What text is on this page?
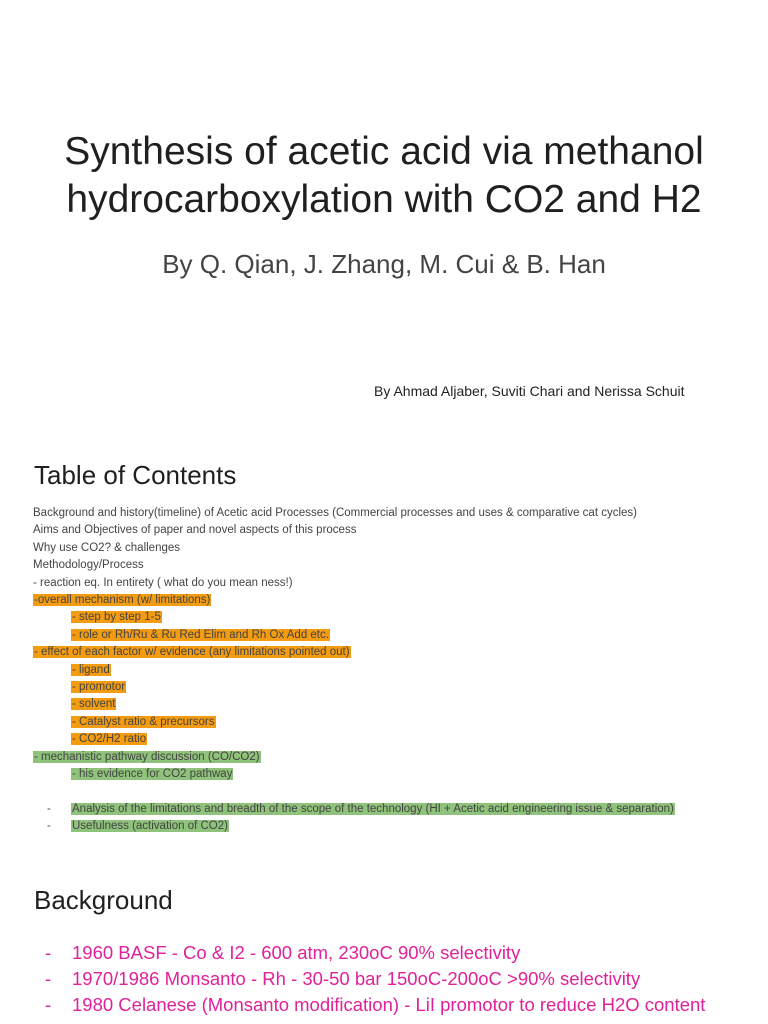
Synthesis of acetic acid via methanol
hydrocarboxylation with CO2 and H2
By Q. Qian, J. Zhang, M. Cui & B. Han
By Ahmad Aljaber, Suviti Chari and Nerissa Schuit
Table of Contents
Background and history(timeline) of Acetic acid Processes (Commercial processes and uses & comparative cat cycles)
Aims and Objectives of paper and novel aspects of this process
Why use CO2? & challenges
Methodology/Process
- reaction eq. In entirety ( what do you mean ness!)
-overall mechanism (w/ limitations)
- step by step 1-5
- role or Rh/Ru & Ru Red Elim and Rh Ox Add etc.
- effect of each factor w/ evidence (any limitations pointed out)
- ligand
- promotor
- solvent
- Catalyst ratio & precursors
- CO2/H2 ratio
- mechanistic pathway discussion (CO/CO2)
- his evidence for CO2 pathway
-	Analysis of the limitations and breadth of the scope of the technology (HI + Acetic acid engineering issue & separation)
-	Usefulness (activation of CO2)
Background
-	1960 BASF - Co & I2 - 600 atm, 230oC 90% selectivity
-	1970/1986 Monsanto - Rh - 30-50 bar 150oC-200oC >90% selectivity
-	1980 Celanese (Monsanto modification) - LiI promotor to reduce H2O content
